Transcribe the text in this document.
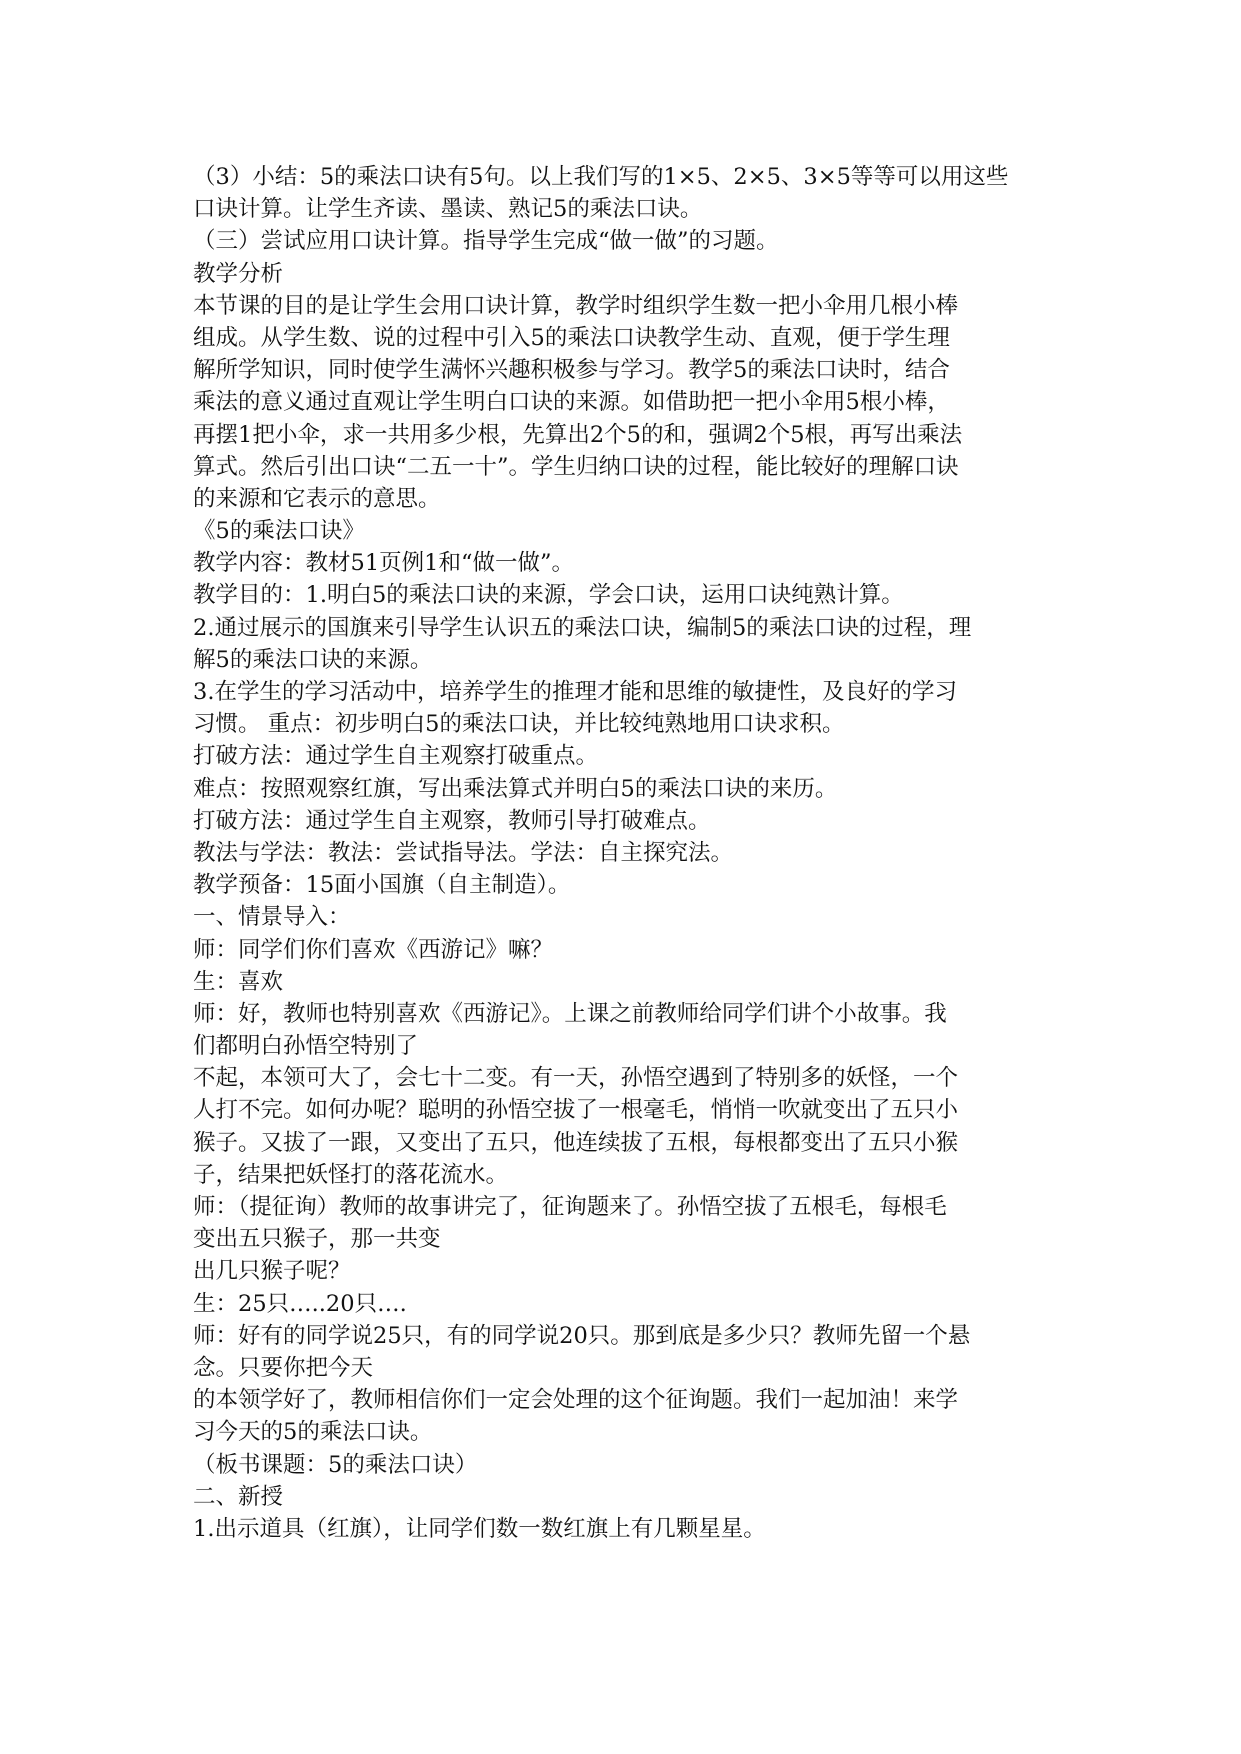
（3）小结：5的乘法口诀有5句。以上我们写的1×5、2×5、3×5等等可以用这些
口诀计算。让学生齐读、墨读、熟记5的乘法口诀。
（三）尝试应用口诀计算。指导学生完成“做一做”的习题。
教学分析
本节课的目的是让学生会用口诀计算，教学时组织学生数一把小伞用几根小棒
组成。从学生数、说的过程中引入5的乘法口诀教学生动、直观，便于学生理
解所学知识，同时使学生满怀兴趣积极参与学习。教学5的乘法口诀时，结合
乘法的意义通过直观让学生明白口诀的来源。如借助把一把小伞用5根小棒，
再摆1把小伞，求一共用多少根，先算出2个5的和，强调2个5根，再写出乘法
算式。然后引出口诀“二五一十”。学生归纳口诀的过程，能比较好的理解口诀
的来源和它表示的意思。
《5的乘法口诀》
教学内容：教材51页例1和“做一做”。
教学目的：1.明白5的乘法口诀的来源，学会口诀，运用口诀纯熟计算。
2.通过展示的国旗来引导学生认识五的乘法口诀，编制5的乘法口诀的过程，理
解5的乘法口诀的来源。
3.在学生的学习活动中，培养学生的推理才能和思维的敏捷性，及良好的学习
习惯。 重点：初步明白5的乘法口诀，并比较纯熟地用口诀求积。
打破方法：通过学生自主观察打破重点。
难点：按照观察红旗，写出乘法算式并明白5的乘法口诀的来历。
打破方法：通过学生自主观察，教师引导打破难点。
教法与学法：教法：尝试指导法。学法：自主探究法。
教学预备：15面小国旗（自主制造）。
一、情景导入：
师：同学们你们喜欢《西游记》嘛？
生：喜欢
师：好，教师也特别喜欢《西游记》。上课之前教师给同学们讲个小故事。我
们都明白孙悟空特别了
不起，本领可大了，会七十二变。有一天，孙悟空遇到了特别多的妖怪，一个
人打不完。如何办呢？聪明的孙悟空拔了一根毫毛，悄悄一吹就变出了五只小
猴子。又拔了一跟，又变出了五只，他连续拔了五根，每根都变出了五只小猴
子，结果把妖怪打的落花流水。
师：（提征询）教师的故事讲完了，征询题来了。孙悟空拔了五根毛，每根毛
变出五只猴子，那一共变
出几只猴子呢？
生：25只…..20只….
师：好有的同学说25只，有的同学说20只。那到底是多少只？教师先留一个悬
念。只要你把今天
的本领学好了，教师相信你们一定会处理的这个征询题。我们一起加油！来学
习今天的5的乘法口诀。
（板书课题：5的乘法口诀）
二、新授
1.出示道具（红旗），让同学们数一数红旗上有几颗星星。
